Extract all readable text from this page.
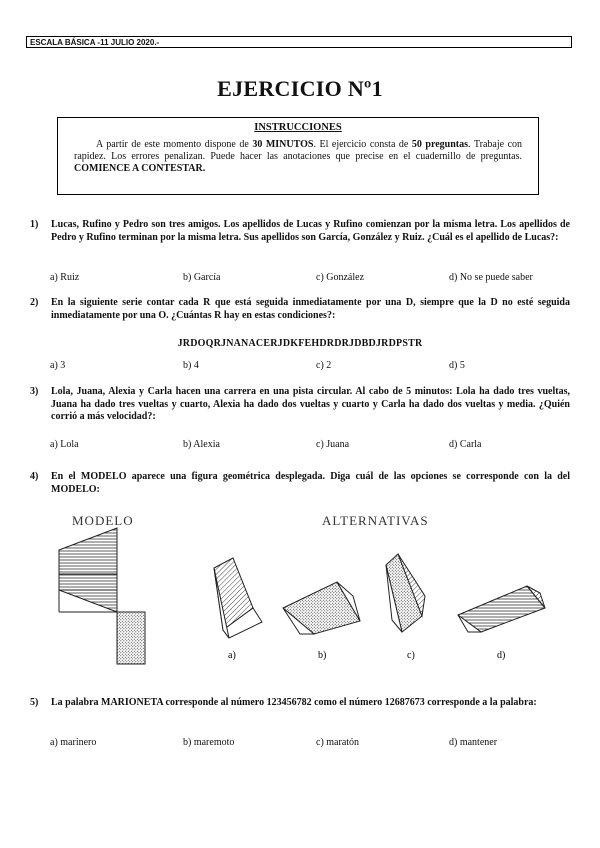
ESCALA BÁSICA -11 JULIO 2020.-
EJERCICIO Nº1
INSTRUCCIONES
A partir de este momento dispone de 30 MINUTOS. El ejercicio consta de 50 preguntas. Trabaje con rapidez. Los errores penalizan. Puede hacer las anotaciones que precise en el cuadernillo de preguntas. COMIENCE A CONTESTAR.
1) Lucas, Rufino y Pedro son tres amigos. Los apellidos de Lucas y Rufino comienzan por la misma letra. Los apellidos de Pedro y Rufino terminan por la misma letra. Sus apellidos son García, González y Ruiz. ¿Cuál es el apellido de Lucas?:
a) Ruiz	b) García	c) González	d) No se puede saber
2) En la siguiente serie contar cada R que está seguida inmediatamente por una D, siempre que la D no esté seguida inmediatamente por una O. ¿Cuántas R hay en estas condiciones?:
JRDOQRJNANACERJDKFEHDRDRJDBDJRDPSTR
a) 3	b) 4	c) 2	d) 5
3) Lola, Juana, Alexia y Carla hacen una carrera en una pista circular. Al cabo de 5 minutos: Lola ha dado tres vueltas, Juana ha dado tres vueltas y cuarto, Alexia ha dado dos vueltas y cuarto y Carla ha dado dos vueltas y media. ¿Quién corrió a más velocidad?:
a) Lola	b) Alexia	c) Juana	d) Carla
4) En el MODELO aparece una figura geométrica desplegada. Diga cuál de las opciones se corresponde con la del MODELO:
MODELO	ALTERNATIVAS
a)	b)	c)	d)
5) La palabra MARIONETA corresponde al número 123456782 como el número 12687673 corresponde a la palabra:
a) marinero	b) maremoto	c) maratón	d) mantener
